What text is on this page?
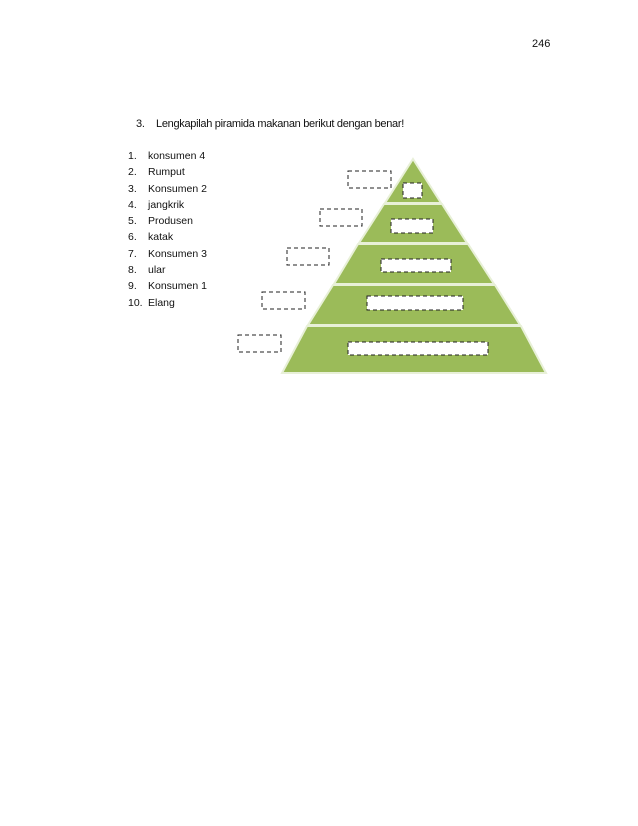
246
3. Lengkapilah piramida makanan berikut dengan benar!
1. konsumen 4
2. Rumput
3. Konsumen 2
4. jangkrik
5. Produsen
6. katak
7. Konsumen 3
8. ular
9. Konsumen 1
10. Elang
